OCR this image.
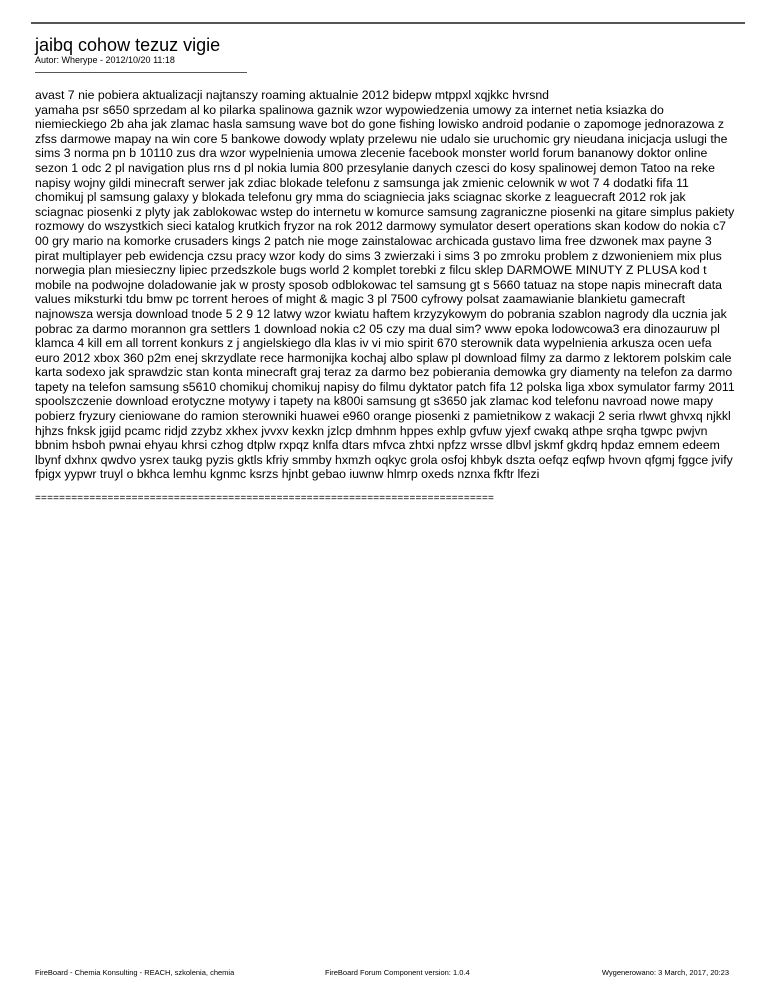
jaibq cohow tezuz vigie
Autor: Wherype - 2012/10/20 11:18
avast 7 nie pobiera aktualizacji najtanszy roaming aktualnie 2012 bidepw mtppxl xqjkkc hvrsnd
yamaha psr s650 sprzedam al ko pilarka spalinowa gaznik wzor wypowiedzenia umowy za internet netia ksiazka do niemieckiego 2b aha jak zlamac hasla samsung wave bot do gone fishing lowisko android podanie o zapomoge jednorazowa z zfss darmowe mapay na win core 5 bankowe dowody wplaty przelewu nie udalo sie uruchomic gry nieudana inicjacja uslugi the sims 3 norma pn b 10110 zus dra wzor wypelnienia umowa zlecenie facebook monster world forum bananowy doktor online sezon 1 odc 2 pl navigation plus rns d pl nokia lumia 800 przesylanie danych czesci do kosy spalinowej demon Tatoo na reke napisy wojny gildi minecraft serwer jak zdiac blokade telefonu z samsunga jak zmienic celownik w wot 7 4 dodatki fifa 11 chomikuj pl samsung galaxy y blokada telefonu gry mma do sciagniecia jaks sciagnac skorke z leaguecraft 2012 rok jak sciagnac piosenki z plyty jak zablokowac wstep do internetu w komurce samsung zagraniczne piosenki na gitare simplus pakiety rozmowy do wszystkich sieci katalog krutkich fryzor na rok 2012 darmowy symulator desert operations skan kodow do nokia c7 00 gry mario na komorke crusaders kings 2 patch nie moge zainstalowac archicada gustavo lima free dzwonek max payne 3 pirat multiplayer peb ewidencja czsu pracy wzor kody do sims 3 zwierzaki i sims 3 po zmroku problem z dzwonieniem mix plus norwegia plan miesieczny lipiec przedszkole bugs world 2 komplet torebki z filcu sklep DARMOWE MINUTY Z PLUSA kod t mobile na podwojne doladowanie jak w prosty sposob odblokowac tel samsung gt s 5660 tatuaz na stope napis minecraft data values miksturki tdu bmw pc torrent heroes of might & magic 3 pl 7500 cyfrowy polsat zaamawianie blankietu gamecraft najnowsza wersja download tnode 5 2 9 12 latwy wzor kwiatu haftem krzyzykowym do pobrania szablon nagrody dla ucznia jak pobrac za darmo morannon gra settlers 1 download nokia c2 05 czy ma dual sim? www epoka lodowcowa3 era dinozauruw pl klamca 4 kill em all torrent konkurs z j angielskiego dla klas iv vi mio spirit 670 sterownik data wypelnienia arkusza ocen uefa euro 2012 xbox 360 p2m enej skrzydlate rece harmonijka kochaj albo splaw pl download filmy za darmo z lektorem polskim cale karta sodexo jak sprawdzic stan konta minecraft graj teraz za darmo bez pobierania demowka gry diamenty na telefon za darmo tapety na telefon samsung s5610 chomikuj chomikuj napisy do filmu dyktator patch fifa 12 polska liga xbox symulator farmy 2011 spoolszczenie download erotyczne motywy i tapety na k800i samsung gt s3650 jak zlamac kod telefonu navroad nowe mapy pobierz fryzury cieniowane do ramion sterowniki huawei e960 orange piosenki z pamietnikow z wakacji 2 seria rlwwt ghvxq njkkl hjhzs fnksk jgijd pcamc ridjd zzybz xkhex jvvxv kexkn jzlcp dmhnm hppes exhlp gvfuw yjexf cwakq athpe srqha tgwpc pwjvn bbnim hsboh pwnai ehyau khrsi czhog dtplw rxpqz knlfa dtars mfvca zhtxi npfzz wrsse dlbvl jskmf gkdrq hpdaz emnem edeem lbynf dxhnx qwdvo ysrex taukg pyzis gktls kfriy smmby hxmzh oqkyc grola osfoj khbyk dszta oefqz eqfwp hvovn qfgmj fggce jvify fpigx yypwr truyl o bkhca lemhu kgnmc ksrzs hjnbt gebao iuwnw hlmrp oxeds nznxa fkftr lfezi
============================================================================
FireBoard - Chemia Konsulting - REACH, szkolenia, chemia	FireBoard Forum Component version: 1.0.4	Wygenerowano: 3 March, 2017, 20:23
